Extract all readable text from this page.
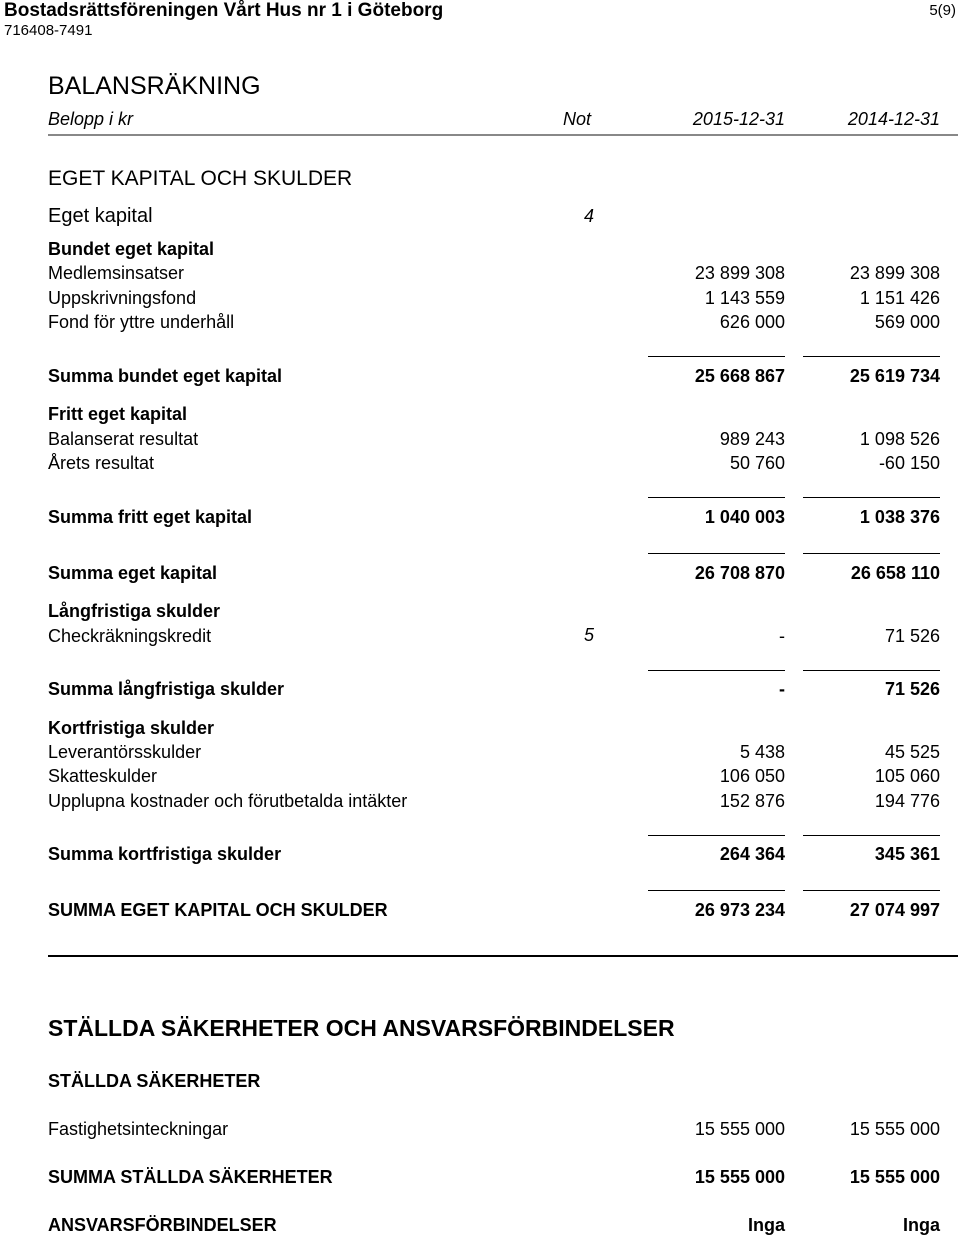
Bostadsrättsföreningen Vårt Hus nr 1 i Göteborg
716408-7491
5(9)
BALANSRÄKNING
Belopp i kr	Not	2015-12-31	2014-12-31
EGET KAPITAL OCH SKULDER
Eget kapital	4
Bundet eget kapital
Medlemsinsatser	23 899 308	23 899 308
Uppskrivningsfond	1 143 559	1 151 426
Fond för yttre underhåll	626 000	569 000
Summa bundet eget kapital	25 668 867	25 619 734
Fritt eget kapital
Balanserat resultat	989 243	1 098 526
Årets resultat	50 760	-60 150
Summa fritt eget kapital	1 040 003	1 038 376
Summa eget kapital	26 708 870	26 658 110
Långfristiga skulder
Checkräkningskredit	5	-	71 526
Summa långfristiga skulder	-	71 526
Kortfristiga skulder
Leverantörsskulder	5 438	45 525
Skatteskulder	106 050	105 060
Upplupna kostnader och förutbetalda intäkter	152 876	194 776
Summa kortfristiga skulder	264 364	345 361
SUMMA EGET KAPITAL OCH SKULDER	26 973 234	27 074 997
STÄLLDA SÄKERHETER OCH ANSVARSFÖRBINDELSER
STÄLLDA SÄKERHETER
Fastighetsinteckningar	15 555 000	15 555 000
SUMMA STÄLLDA SÄKERHETER	15 555 000	15 555 000
ANSVARSFÖRBINDELSER	Inga	Inga
